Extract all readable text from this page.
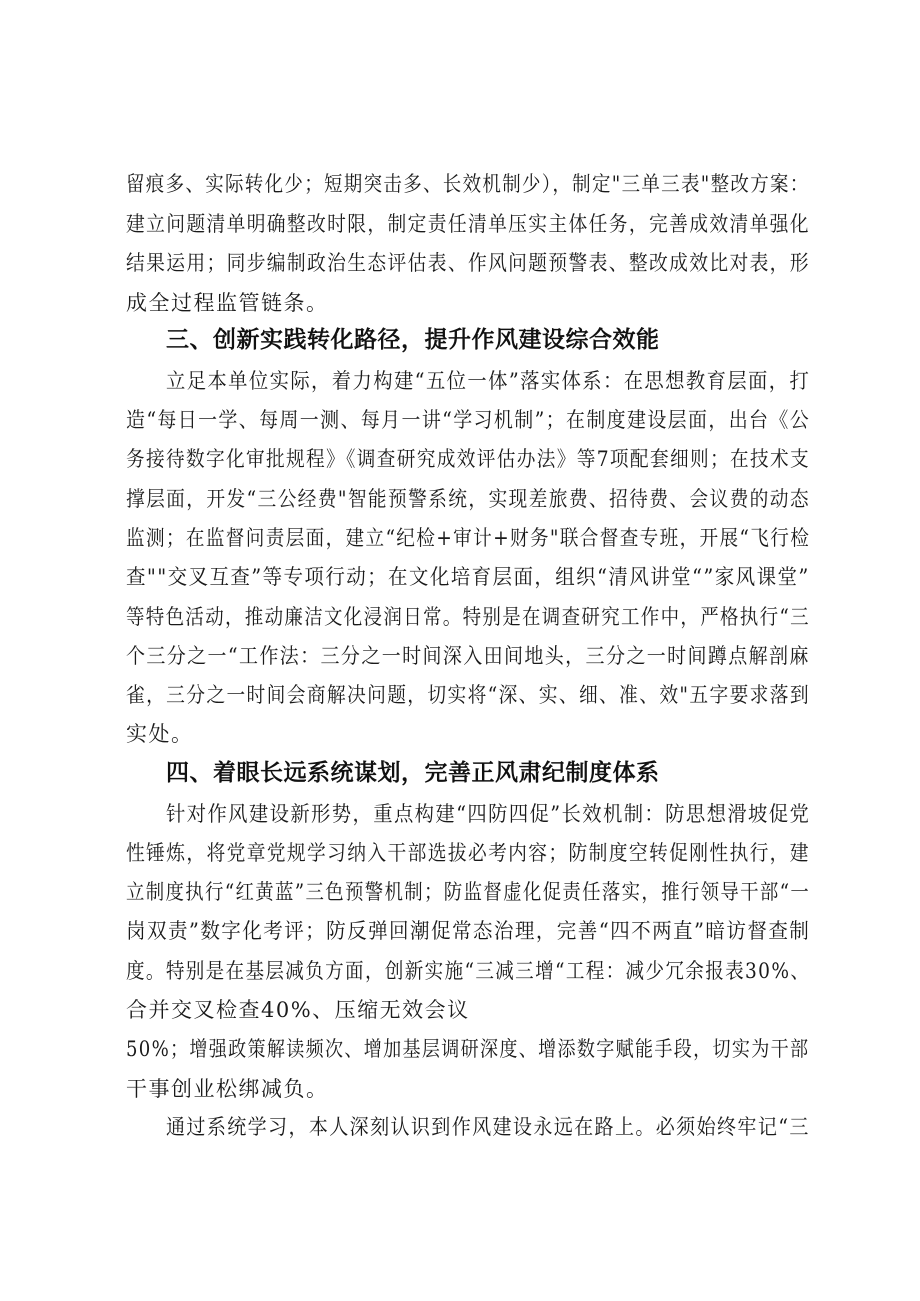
留痕多、实际转化少；短期突击多、长效机制少），制定"三单三表"整改方案：
建立问题清单明确整改时限，制定责任清单压实主体任务，完善成效清单强化
结果运用；同步编制政治生态评估表、作风问题预警表、整改成效比对表，形
成全过程监管链条。
三、创新实践转化路径，提升作风建设综合效能
立足本单位实际，着力构建“五位一体”落实体系：在思想教育层面，打
造“每日一学、每周一测、每月一讲“学习机制”；在制度建设层面，出台《公
务接待数字化审批规程》《调查研究成效评估办法》等7项配套细则；在技术支
撑层面，开发“三公经费"智能预警系统，实现差旅费、招待费、会议费的动态
监测；在监督问责层面，建立“纪检+审计+财务"联合督查专班，开展“飞行检
查""交叉互查”等专项行动；在文化培育层面，组织“清风讲堂“”家风课堂”
等特色活动，推动廉洁文化浸润日常。特别是在调查研究工作中，严格执行“三
个三分之一“工作法：三分之一时间深入田间地头，三分之一时间蹲点解剖麻
雀，三分之一时间会商解决问题，切实将“深、实、细、准、效"五字要求落到
实处。
四、着眼长远系统谋划，完善正风肃纪制度体系
针对作风建设新形势，重点构建“四防四促”长效机制：防思想滑坡促党
性锤炼，将党章党规学习纳入干部选拔必考内容；防制度空转促刚性执行，建
立制度执行“红黄蓝”三色预警机制；防监督虚化促责任落实，推行领导干部“一
岗双责”数字化考评；防反弹回潮促常态治理，完善“四不两直”暗访督查制
度。特别是在基层减负方面，创新实施“三减三增“工程：减少冗余报表30%、
合并交叉检查40%、压缩无效会议
50%；增强政策解读频次、增加基层调研深度、增添数字赋能手段，切实为干部
干事创业松绑减负。
通过系统学习，本人深刻认识到作风建设永远在路上。必须始终牢记“三
